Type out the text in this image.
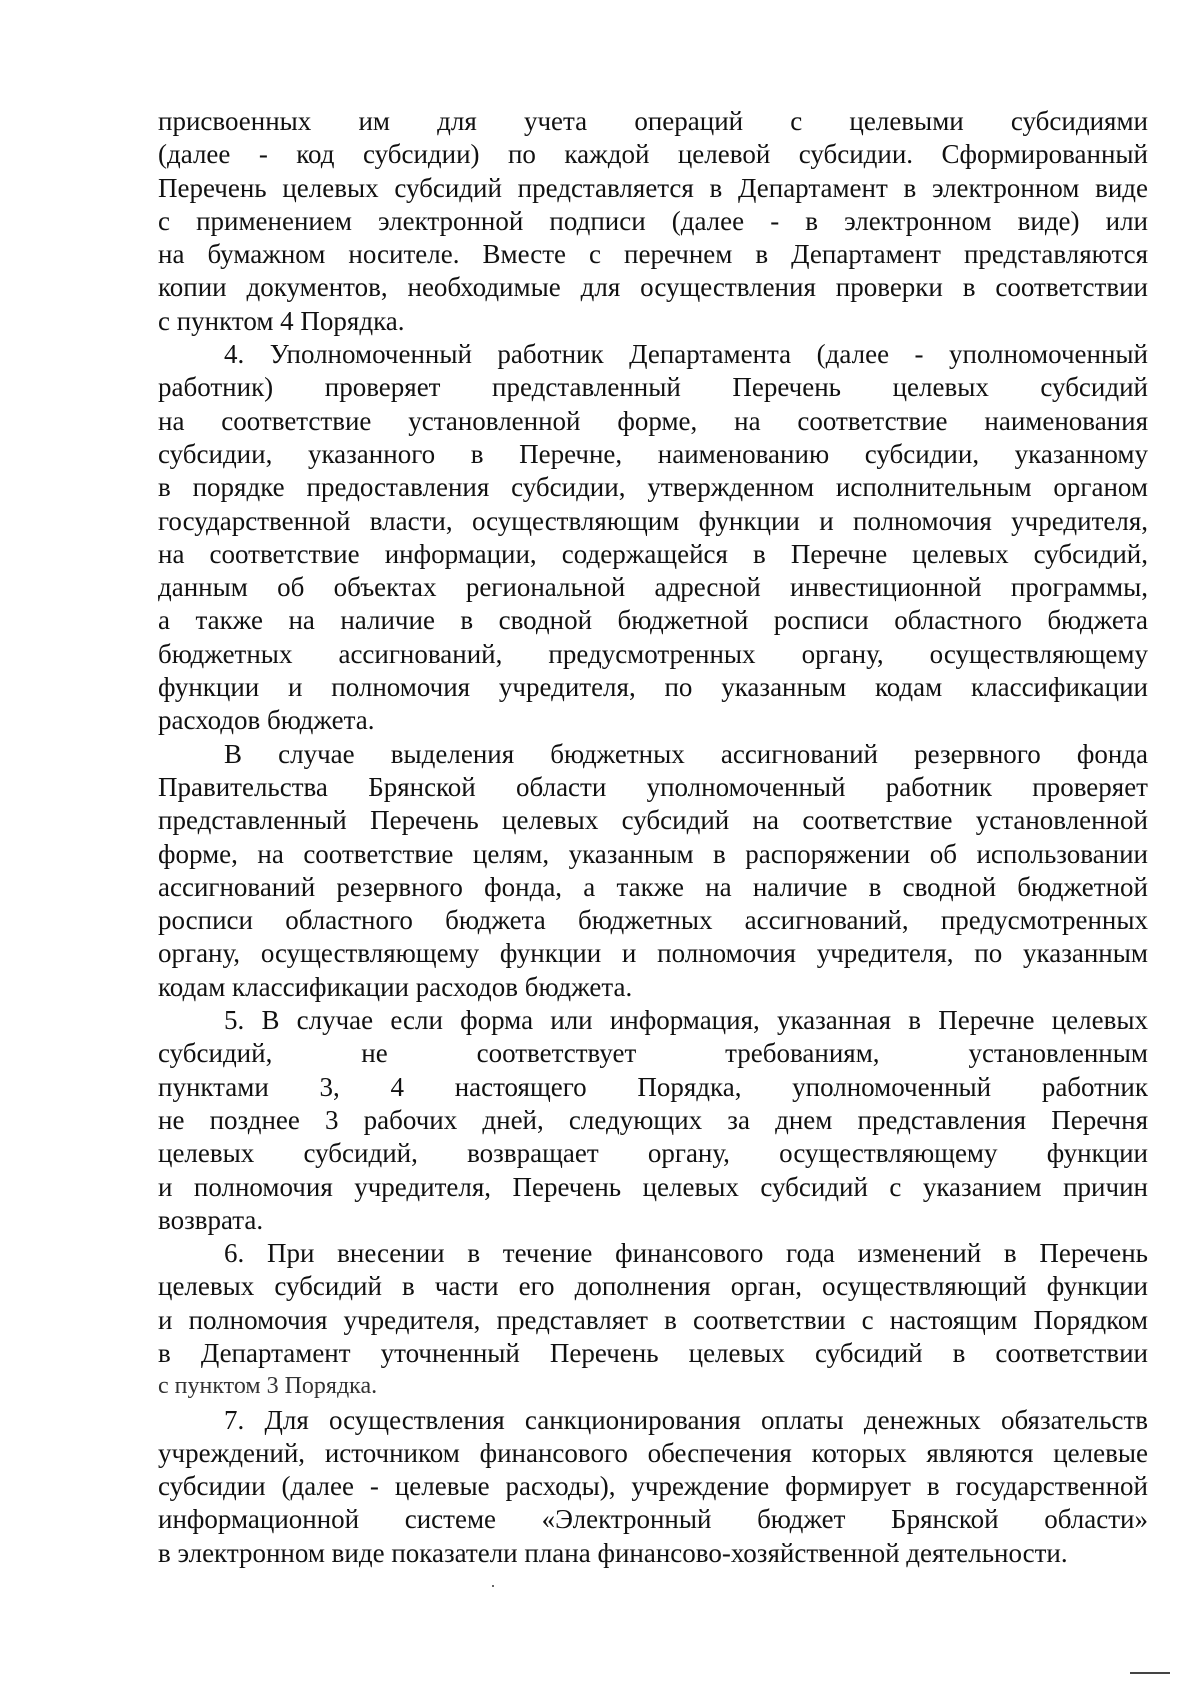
присвоенных им для учета операций с целевыми субсидиями
(далее - код субсидии) по каждой целевой субсидии. Сформированный
Перечень целевых субсидий представляется в Департамент в электронном виде
с применением электронной подписи (далее - в электронном виде) или
на бумажном носителе. Вместе с перечнем в Департамент представляются
копии документов, необходимые для осуществления проверки в соответствии
с пунктом 4 Порядка.
4. Уполномоченный работник Департамента (далее - уполномоченный
работник) проверяет представленный Перечень целевых субсидий
на соответствие установленной форме, на соответствие наименования
субсидии, указанного в Перечне, наименованию субсидии, указанному
в порядке предоставления субсидии, утвержденном исполнительным органом
государственной власти, осуществляющим функции и полномочия учредителя,
на соответствие информации, содержащейся в Перечне целевых субсидий,
данным об объектах региональной адресной инвестиционной программы,
а также на наличие в сводной бюджетной росписи областного бюджета
бюджетных ассигнований, предусмотренных органу, осуществляющему
функции и полномочия учредителя, по указанным кодам классификации
расходов бюджета.
В случае выделения бюджетных ассигнований резервного фонда
Правительства Брянской области уполномоченный работник проверяет
представленный Перечень целевых субсидий на соответствие установленной
форме, на соответствие целям, указанным в распоряжении об использовании
ассигнований резервного фонда, а также на наличие в сводной бюджетной
росписи областного бюджета бюджетных ассигнований, предусмотренных
органу, осуществляющему функции и полномочия учредителя, по указанным
кодам классификации расходов бюджета.
5. В случае если форма или информация, указанная в Перечне целевых
субсидий, не соответствует требованиям, установленным
пунктами 3, 4 настоящего Порядка, уполномоченный работник
не позднее 3 рабочих дней, следующих за днем представления Перечня
целевых субсидий, возвращает органу, осуществляющему функции
и полномочия учредителя, Перечень целевых субсидий с указанием причин
возврата.
6. При внесении в течение финансового года изменений в Перечень
целевых субсидий в части его дополнения орган, осуществляющий функции
и полномочия учредителя, представляет в соответствии с настоящим Порядком
в Департамент уточненный Перечень целевых субсидий в соответствии
с пунктом 3 Порядка.
7. Для осуществления санкционирования оплаты денежных обязательств
учреждений, источником финансового обеспечения которых являются целевые
субсидии (далее - целевые расходы), учреждение формирует в государственной
информационной системе «Электронный бюджет Брянской области»
в электронном виде показатели плана финансово-хозяйственной деятельности.
